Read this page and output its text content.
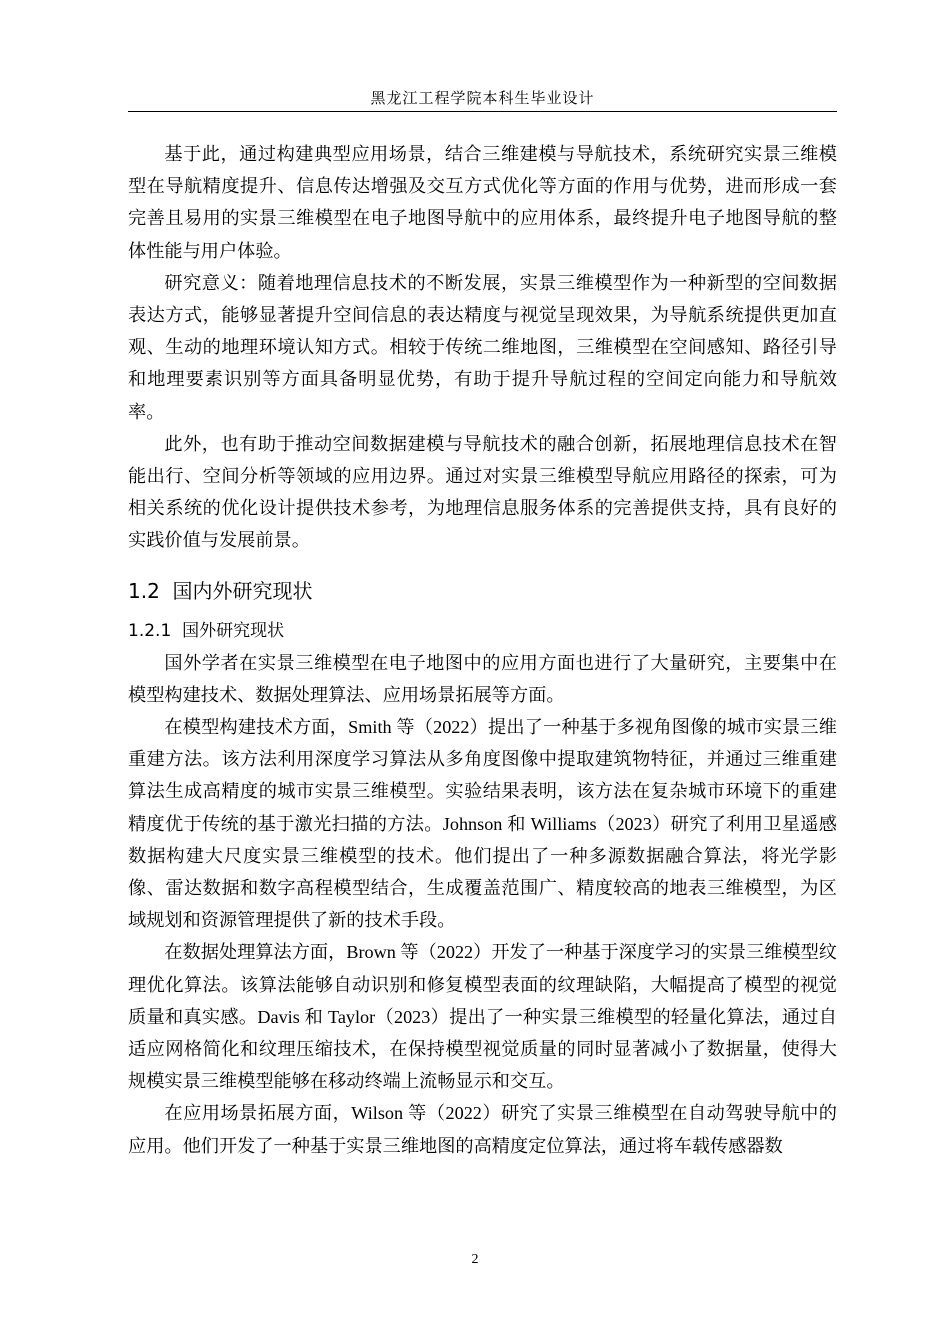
黑龙江工程学院本科生毕业设计

基于此，通过构建典型应用场景，结合三维建模与导航技术，系统研究实景三维模型在导航精度提升、信息传达增强及交互方式优化等方面的作用与优势，进而形成一套完善且易用的实景三维模型在电子地图导航中的应用体系，最终提升电子地图导航的整体性能与用户体验。

研究意义：随着地理信息技术的不断发展，实景三维模型作为一种新型的空间数据表达方式，能够显著提升空间信息的表达精度与视觉呈现效果，为导航系统提供更加直观、生动的地理环境认知方式。相较于传统二维地图，三维模型在空间感知、路径引导和地理要素识别等方面具备明显优势，有助于提升导航过程的空间定向能力和导航效率。

此外，也有助于推动空间数据建模与导航技术的融合创新，拓展地理信息技术在智能出行、空间分析等领域的应用边界。通过对实景三维模型导航应用路径的探索，可为相关系统的优化设计提供技术参考，为地理信息服务体系的完善提供支持，具有良好的实践价值与发展前景。

1.2 国内外研究现状
1.2.1 国外研究现状

国外学者在实景三维模型在电子地图中的应用方面也进行了大量研究，主要集中在模型构建技术、数据处理算法、应用场景拓展等方面。

在模型构建技术方面，Smith 等（2022）提出了一种基于多视角图像的城市实景三维重建方法。该方法利用深度学习算法从多角度图像中提取建筑物特征，并通过三维重建算法生成高精度的城市实景三维模型。实验结果表明，该方法在复杂城市环境下的重建精度优于传统的基于激光扫描的方法。Johnson 和 Williams（2023）研究了利用卫星遥感数据构建大尺度实景三维模型的技术。他们提出了一种多源数据融合算法，将光学影像、雷达数据和数字高程模型结合，生成覆盖范围广、精度较高的地表三维模型，为区域规划和资源管理提供了新的技术手段。

在数据处理算法方面，Brown 等（2022）开发了一种基于深度学习的实景三维模型纹理优化算法。该算法能够自动识别和修复模型表面的纹理缺陷，大幅提高了模型的视觉质量和真实感。Davis 和 Taylor（2023）提出了一种实景三维模型的轻量化算法，通过自适应网格简化和纹理压缩技术，在保持模型视觉质量的同时显著减小了数据量，使得大规模实景三维模型能够在移动终端上流畅显示和交互。

在应用场景拓展方面，Wilson 等（2022）研究了实景三维模型在自动驾驶导航中的应用。他们开发了一种基于实景三维地图的高精度定位算法，通过将车载传感器数

2
